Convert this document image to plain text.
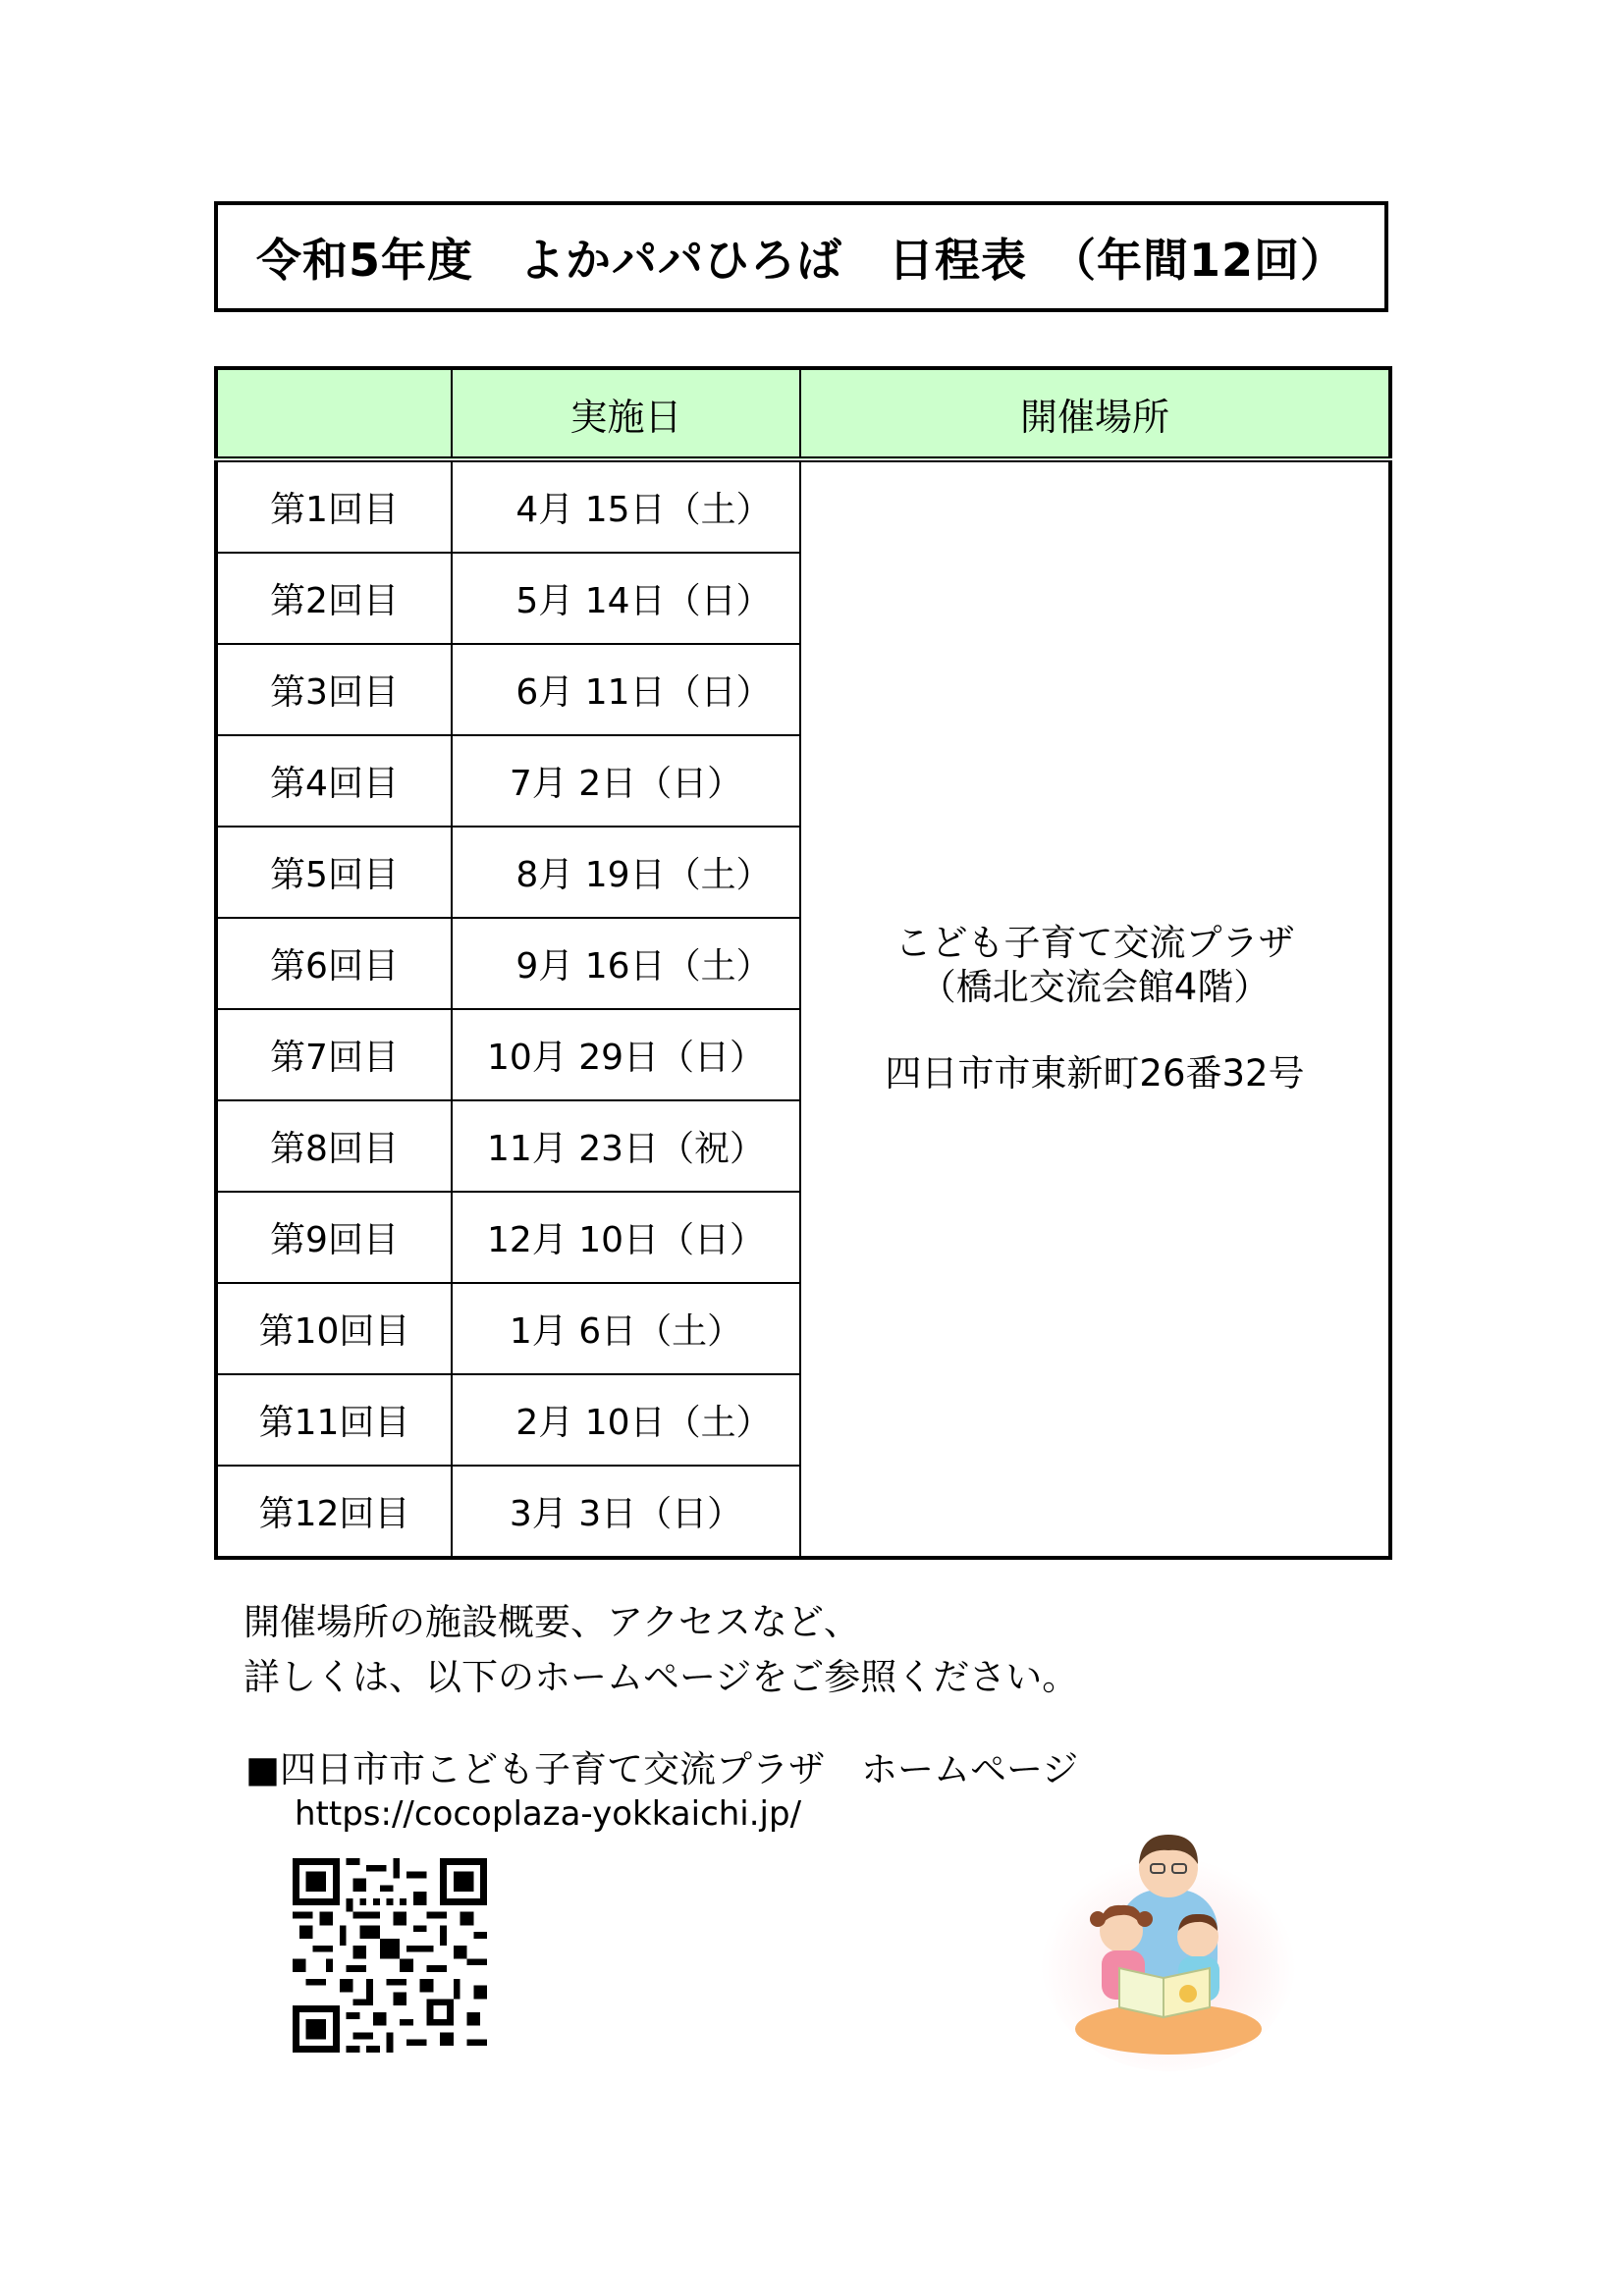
令和5年度　よかパパひろば　日程表　（年間12回）
	実施日	開催場所
第1回目	　4月 15日（土）	こども子育て交流プラザ
（橋北交流会館4階）
四日市市東新町26番32号

第2回目	　5月 14日（日）	
第3回目	　6月 11日（日）	
第4回目	7月 2日（日）	
第5回目	　8月 19日（土）	
第6回目	　9月 16日（土）	
第7回目	10月 29日（日）	
第8回目	11月 23日（祝）	
第9回目	12月 10日（日）	
第10回目	1月 6日（土）	
第11回目	　2月 10日（土）	
第12回目	3月 3日（日）	
開催場所の施設概要、アクセスなど、
詳しくは、以下のホームページをご参照ください。
■四日市市こども子育て交流プラザ　ホームページ
https://cocoplaza-yokkaichi.jp/
